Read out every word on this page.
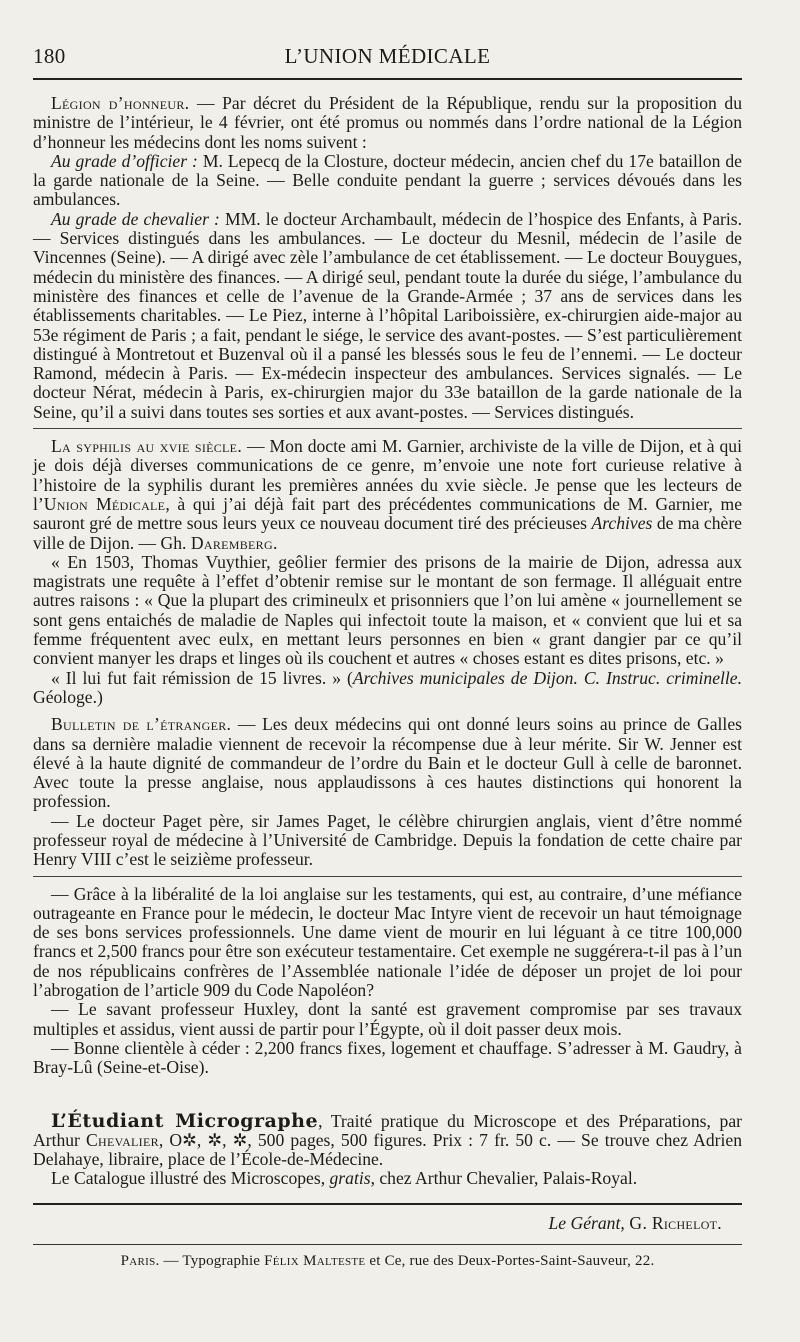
180	L’UNION MÉDICALE

Légion d’honneur. — Par décret du Président de la République, rendu sur la proposition du ministre de l’intérieur, le 4 février, ont été promus ou nommés dans l’ordre national de la Légion d’honneur les médecins dont les noms suivent :

Au grade d’officier : M. Lepecq de la Closture, docteur médecin, ancien chef du 17e bataillon de la garde nationale de la Seine. — Belle conduite pendant la guerre ; services dévoués dans les ambulances.

Au grade de chevalier : MM. le docteur Archambault, médecin de l’hospice des Enfants, à Paris. — Services distingués dans les ambulances. — Le docteur du Mesnil, médecin de l’asile de Vincennes (Seine). — A dirigé avec zèle l’ambulance de cet établissement. — Le docteur Bouygues, médecin du ministère des finances. — A dirigé seul, pendant toute la durée du siége, l’ambulance du ministère des finances et celle de l’avenue de la Grande-Armée ; 37 ans de services dans les établissements charitables. — Le Piez, interne à l’hôpital Lariboissière, ex-chirurgien aide-major au 53e régiment de Paris ; a fait, pendant le siége, le service des avant-postes. — S’est particulièrement distingué à Montretout et Buzenval où il a pansé les blessés sous le feu de l’ennemi. — Le docteur Ramond, médecin à Paris. — Ex-médecin inspecteur des ambulances. Services signalés. — Le docteur Nérat, médecin à Paris, ex-chirurgien major du 33e bataillon de la garde nationale de la Seine, qu’il a suivi dans toutes ses sorties et aux avant-postes. — Services distingués.

La syphilis au xvie siècle. — Mon docte ami M. Garnier, archiviste de la ville de Dijon, et à qui je dois déjà diverses communications de ce genre, m’envoie une note fort curieuse relative à l’histoire de la syphilis durant les premières années du xvie siècle. Je pense que les lecteurs de l’Union Médicale, à qui j’ai déjà fait part des précédentes communications de M. Garnier, me sauront gré de mettre sous leurs yeux ce nouveau document tiré des précieuses Archives de ma chère ville de Dijon. — Gh. Daremberg.

« En 1503, Thomas Vuythier, geôlier fermier des prisons de la mairie de Dijon, adressa aux magistrats une requête à l’effet d’obtenir remise sur le montant de son fermage. Il alléguait entre autres raisons : « Que la plupart des crimineulx et prisonniers que l’on lui amène « journellement se sont gens entaichés de maladie de Naples qui infectoit toute la maison, et « convient que lui et sa femme fréquentent avec eulx, en mettant leurs personnes en bien « grant dangier par ce qu’il convient manyer les draps et linges où ils couchent et autres « choses estant es dites prisons, etc. »

« Il lui fut fait rémission de 15 livres. » (Archives municipales de Dijon. C. Instruc. criminelle. Géologe.)

Bulletin de l’étranger. — Les deux médecins qui ont donné leurs soins au prince de Galles dans sa dernière maladie viennent de recevoir la récompense due à leur mérite. Sir W. Jenner est élevé à la haute dignité de commandeur de l’ordre du Bain et le docteur Gull à celle de baronnet. Avec toute la presse anglaise, nous applaudissons à ces hautes distinctions qui honorent la profession.

— Le docteur Paget père, sir James Paget, le célèbre chirurgien anglais, vient d’être nommé professeur royal de médecine à l’Université de Cambridge. Depuis la fondation de cette chaire par Henry VIII c’est le seizième professeur.

— Grâce à la libéralité de la loi anglaise sur les testaments, qui est, au contraire, d’une méfiance outrageante en France pour le médecin, le docteur Mac Intyre vient de recevoir un haut témoignage de ses bons services professionnels. Une dame vient de mourir en lui léguant à ce titre 100,000 francs et 2,500 francs pour être son exécuteur testamentaire. Cet exemple ne suggérera-t-il pas à l’un de nos républicains confrères de l’Assemblée nationale l’idée de déposer un projet de loi pour l’abrogation de l’article 909 du Code Napoléon?

— Le savant professeur Huxley, dont la santé est gravement compromise par ses travaux multiples et assidus, vient aussi de partir pour l’Égypte, où il doit passer deux mois.

— Bonne clientèle à céder : 2,200 francs fixes, logement et chauffage. S’adresser à M. Gaudry, à Bray-Lû (Seine-et-Oise).

L’Étudiant Micrographe, Traité pratique du Microscope et des Préparations, par Arthur Chevalier, O✲, ✲, ✲, 500 pages, 500 figures. Prix : 7 fr. 50 c. — Se trouve chez Adrien Delahaye, libraire, place de l’École-de-Médecine.

Le Catalogue illustré des Microscopes, gratis, chez Arthur Chevalier, Palais-Royal.

Le Gérant, G. Richelot.
Paris. — Typographie Félix Malteste et Ce, rue des Deux-Portes-Saint-Sauveur, 22.
